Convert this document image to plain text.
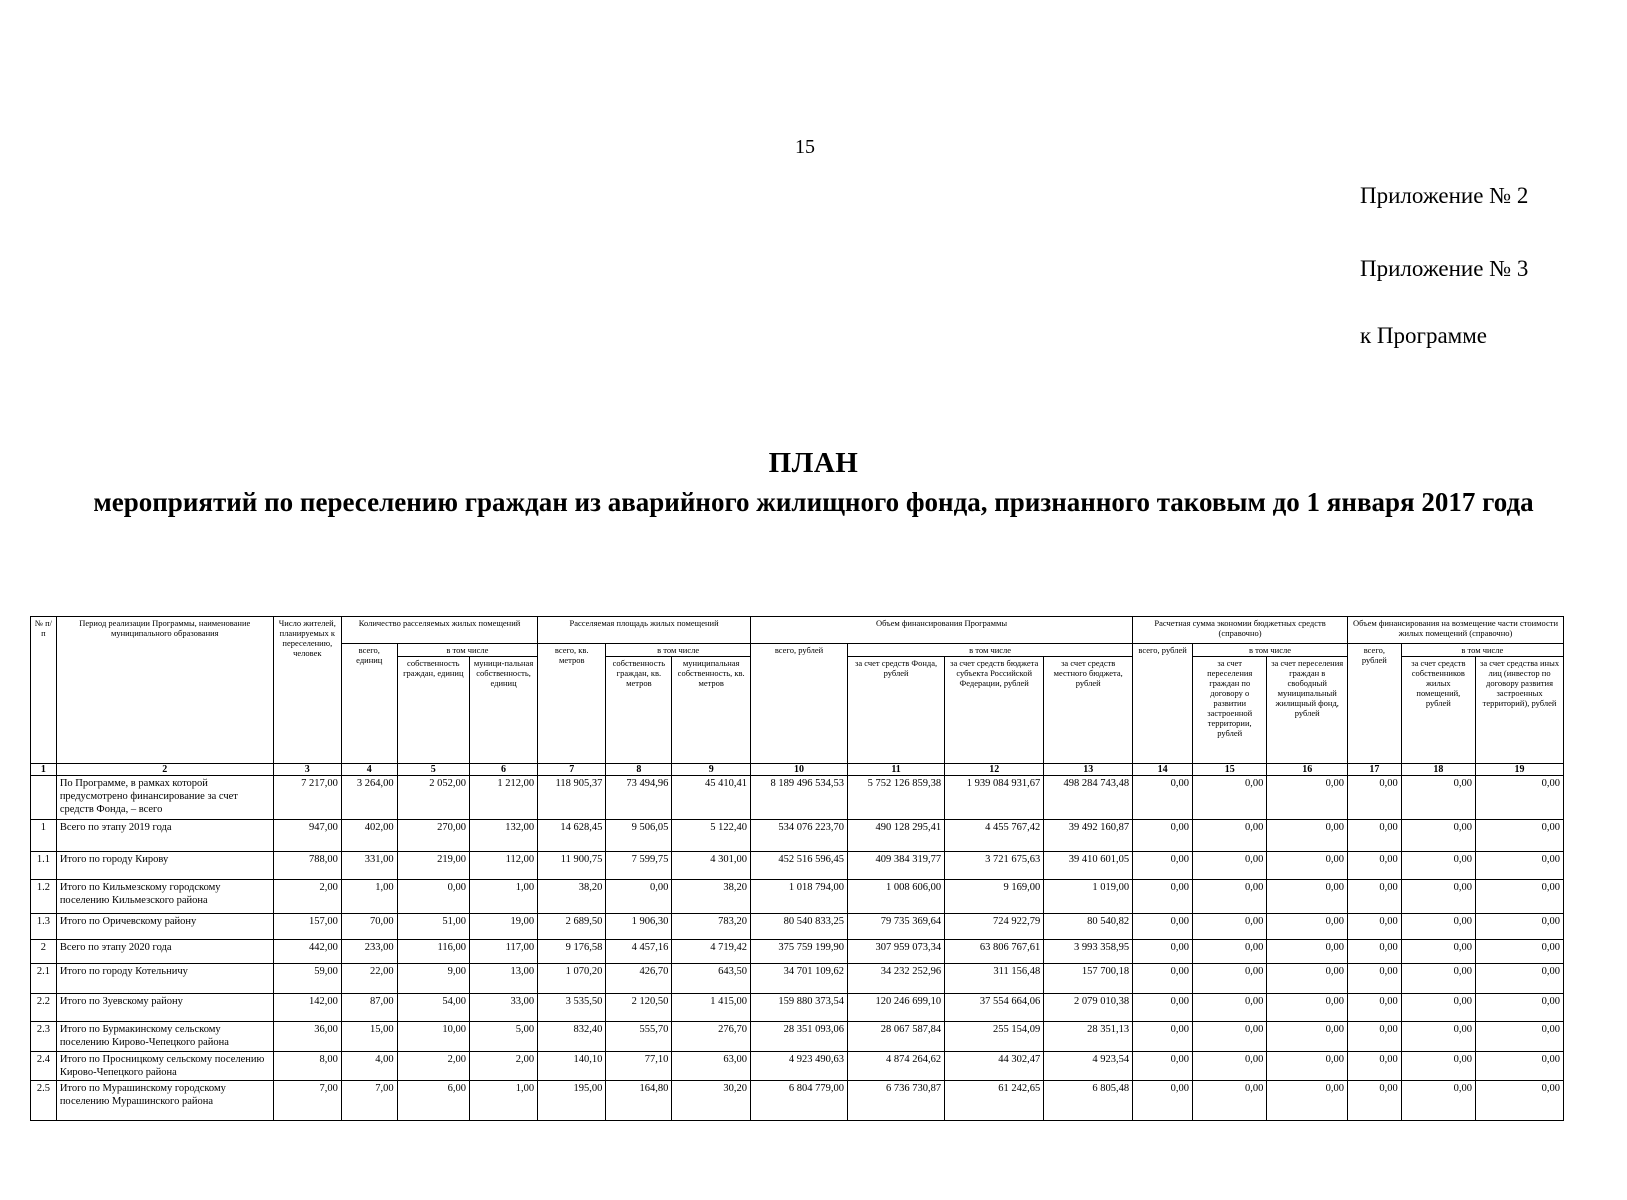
15
Приложение № 2
Приложение № 3
к Программе
ПЛАН
мероприятий по переселению граждан из аварийного жилищного фонда, признанного таковым до 1 января 2017 года
№ п/п	Период реализации Программы, наименование муниципального образования	Число жителей, планируемых к переселению, человек	Количество расселяемых жилых помещений			Расселяемая площадь жилых помещений			Объем финансирования Программы				Расчетная сумма экономии бюджетных средств (справочно)			Объем финансирования на возмещение части стоимости жилых помещений (справочно)		
			всего, единиц	в том числе		всего, кв. метров	в том числе		всего, рублей	в том числе			всего, рублей	в том числе		всего, рублей	в том числе	
				собственность граждан, единиц	муници-пальная собственность, единиц		собственность граждан, кв. метров	муниципальная собственность, кв. метров		за счет средств Фонда, рублей	за счет средств бюджета субъекта Российской Федерации, рублей	за счет средств местного бюджета, рублей		за счет переселения граждан по договору о развитии застроенной территории, рублей	за счет переселения граждан в свободный муниципальный жилищный фонд, рублей		за счет средств собственников жилых помещений, рублей	за счет средства иных лиц (инвестор по договору развития застроенных территорий), рублей
1	2	3	4	5	6	7	8	9	10	11	12	13	14	15	16	17	18	19
	По Программе, в рамках которой предусмотрено финансирование за счет средств Фонда, – всего	7 217,00	3 264,00	2 052,00	1 212,00	118 905,37	73 494,96	45 410,41	8 189 496 534,53	5 752 126 859,38	1 939 084 931,67	498 284 743,48	0,00	0,00	0,00	0,00	0,00	0,00
1	Всего по этапу 2019 года	947,00	402,00	270,00	132,00	14 628,45	9 506,05	5 122,40	534 076 223,70	490 128 295,41	4 455 767,42	39 492 160,87	0,00	0,00	0,00	0,00	0,00	0,00
1.1	Итого по городу Кирову	788,00	331,00	219,00	112,00	11 900,75	7 599,75	4 301,00	452 516 596,45	409 384 319,77	3 721 675,63	39 410 601,05	0,00	0,00	0,00	0,00	0,00	0,00
1.2	Итого по Кильмезскому городскому поселению Кильмезского района	2,00	1,00	0,00	1,00	38,20	0,00	38,20	1 018 794,00	1 008 606,00	9 169,00	1 019,00	0,00	0,00	0,00	0,00	0,00	0,00
1.3	Итого по Оричевскому району	157,00	70,00	51,00	19,00	2 689,50	1 906,30	783,20	80 540 833,25	79 735 369,64	724 922,79	80 540,82	0,00	0,00	0,00	0,00	0,00	0,00
2	Всего по этапу 2020 года	442,00	233,00	116,00	117,00	9 176,58	4 457,16	4 719,42	375 759 199,90	307 959 073,34	63 806 767,61	3 993 358,95	0,00	0,00	0,00	0,00	0,00	0,00
2.1	Итого по городу Котельничу	59,00	22,00	9,00	13,00	1 070,20	426,70	643,50	34 701 109,62	34 232 252,96	311 156,48	157 700,18	0,00	0,00	0,00	0,00	0,00	0,00
2.2	Итого по Зуевскому району	142,00	87,00	54,00	33,00	3 535,50	2 120,50	1 415,00	159 880 373,54	120 246 699,10	37 554 664,06	2 079 010,38	0,00	0,00	0,00	0,00	0,00	0,00
2.3	Итого по Бурмакинскому сельскому поселению Кирово-Чепецкого района	36,00	15,00	10,00	5,00	832,40	555,70	276,70	28 351 093,06	28 067 587,84	255 154,09	28 351,13	0,00	0,00	0,00	0,00	0,00	0,00
2.4	Итого по Просницкому сельскому поселению Кирово-Чепецкого района	8,00	4,00	2,00	2,00	140,10	77,10	63,00	4 923 490,63	4 874 264,62	44 302,47	4 923,54	0,00	0,00	0,00	0,00	0,00	0,00
2.5	Итого по Мурашинскому городскому поселению Мурашинского района	7,00	7,00	6,00	1,00	195,00	164,80	30,20	6 804 779,00	6 736 730,87	61 242,65	6 805,48	0,00	0,00	0,00	0,00	0,00	0,00
